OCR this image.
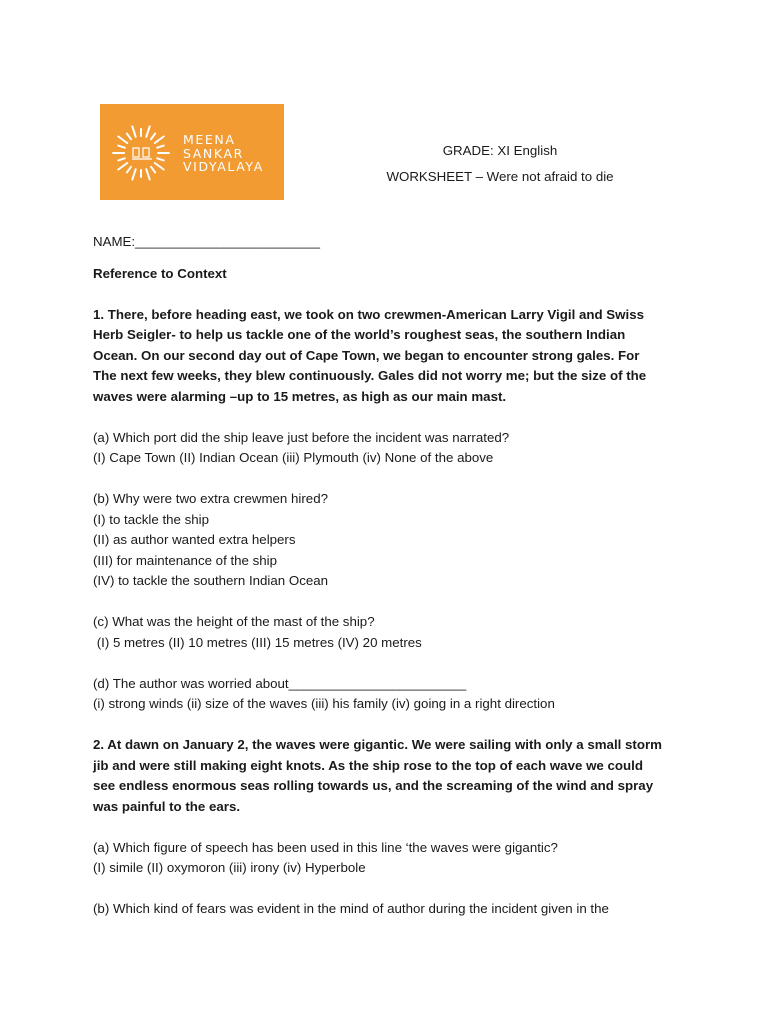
MEENA
SANKAR
VIDYALAYA
GRADE: XI English
WORKSHEET – Were not afraid to die
NAME:_________________________
Reference to Context
1. There, before heading east, we took on two crewmen-American Larry Vigil and Swiss
Herb Seigler- to help us tackle one of the world’s roughest seas, the southern Indian
Ocean. On our second day out of Cape Town, we began to encounter strong gales. For
The next few weeks, they blew continuously. Gales did not worry me; but the size of the
waves were alarming –up to 15 metres, as high as our main mast.
(a) Which port did the ship leave just before the incident was narrated?
(I) Cape Town (II) Indian Ocean (iii) Plymouth (iv) None of the above
(b) Why were two extra crewmen hired?
(I) to tackle the ship
(II) as author wanted extra helpers
(III) for maintenance of the ship
(IV) to tackle the southern Indian Ocean
(c) What was the height of the mast of the ship?
(I) 5 metres (II) 10 metres (III) 15 metres (IV) 20 metres
(d) The author was worried about________________________
(i) strong winds (ii) size of the waves (iii) his family (iv) going in a right direction
2. At dawn on January 2, the waves were gigantic. We were sailing with only a small storm
jib and were still making eight knots. As the ship rose to the top of each wave we could
see endless enormous seas rolling towards us, and the screaming of the wind and spray
was painful to the ears.
(a) Which figure of speech has been used in this line ‘the waves were gigantic?
(I) simile (II) oxymoron (iii) irony (iv) Hyperbole
(b) Which kind of fears was evident in the mind of author during the incident given in the
